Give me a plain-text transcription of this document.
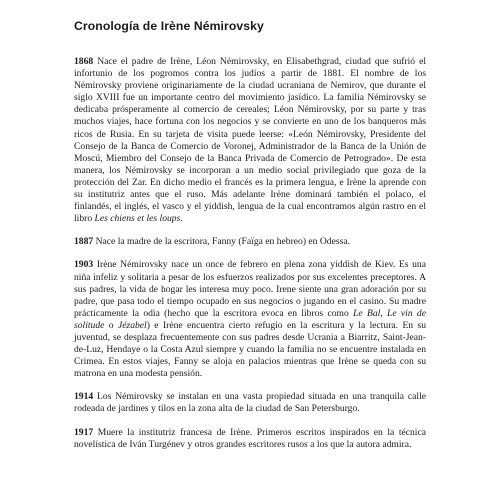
Cronología de Irène Némirovsky

1868 Nace el padre de Irène, Léon Némirovsky, en Elisabethgrad, ciudad que sufrió el infortunio de los pogromos contra los judíos a partir de 1881. El nombre de los Némirovsky proviene originariamente de la ciudad ucraniana de Nemirov, que durante el siglo XVIII fue un importante centro del movimiento jasídico. La familia Némirovsky se dedicaba prósperamente al comercio de cereales; Léon Némirovsky, por su parte y tras muchos viajes, hace fortuna con los negocios y se convierte en uno de los banqueros más ricos de Rusia. En su tarjeta de visita puede leerse: «León Némirovsky, Presidente del Consejo de la Banca de Comercio de Voronej, Administrador de la Banca de la Unión de Moscú, Miembro del Consejo de la Banca Privada de Comercio de Petrogrado». De esta manera, los Némirovsky se incorporan a un medio social privilegiado que goza de la protección del Zar. En dicho medio el francés es la primera lengua, e Irène la aprende con su institutriz antes que el ruso. Más adelante Irène dominará también el polaco, el finlandés, el inglés, el vasco y el yiddish, lengua de la cual encontramos algún rastro en el libro Les chiens et les loups.

1887 Nace la madre de la escritora, Fanny (Faïga en hebreo) en Odessa.

1903 Irène Némirovsky nace un once de febrero en plena zona yiddish de Kiev. Es una niña infeliz y solitaria a pesar de los esfuerzos realizados por sus excelentes preceptores. A sus padres, la vida de hogar les interesa muy poco. Irene siente una gran adoración por su padre, que pasa todo el tiempo ocupado en sus negocios o jugando en el casino. Su madre prácticamente la odia (hecho que la escritora evoca en libros como Le Bal, Le vin de solitude o Jézabel) e Irène encuentra cierto refugio en la escritura y la lectura. En su juventud, se desplaza frecuentemente con sus padres desde Ucrania a Biarritz, Saint-Jean-de-Luz, Hendaye o la Costa Azul siempre y cuando la familia no se encuentre instalada en Crimea. En estos viajes, Fanny se aloja en palacios mientras que Irène se queda con su matrona en una modesta pensión.

1914 Los Némirovsky se instalan en una vasta propiedad situada en una tranquila calle rodeada de jardines y tilos en la zona alta de la ciudad de San Petersburgo.

1917 Muere la institutriz francesa de Irène. Primeros escritos inspirados en la técnica novelística de Iván Turgénev y otros grandes escritores rusos a los que la autora admira.
